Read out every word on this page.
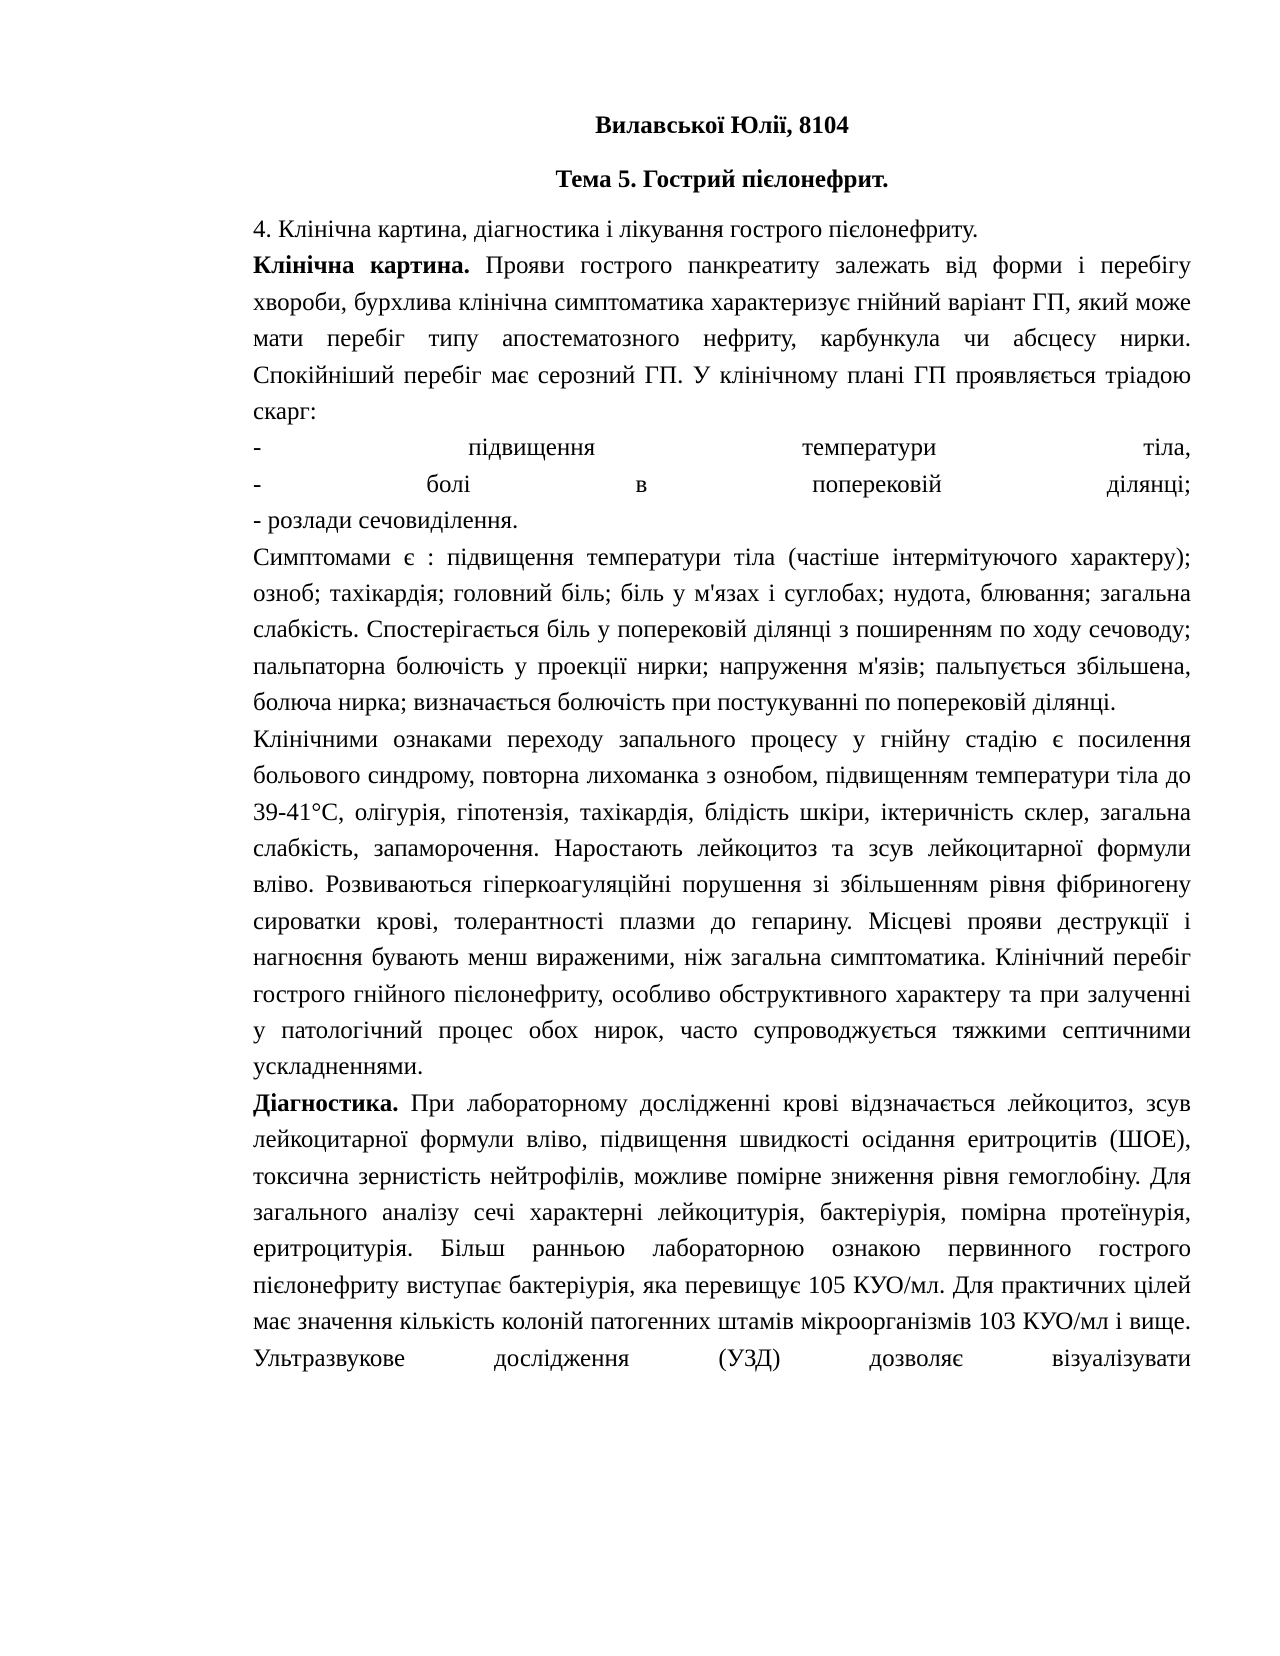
Вилавської Юлії, 8104
Тема 5. Гострий пієлонефрит.

4. Клінічна картина, діагностика і лікування гострого пієлонефриту.

Клінічна картина. Прояви гострого панкреатиту залежать від форми і перебігу хвороби, бурхлива клінічна симптоматика характеризує гнійний варіант ГП, який може мати перебіг типу апостематозного нефриту, карбункула чи абсцесу нирки. Спокійніший перебіг має серозний ГП. У клінічному плані ГП проявляється тріадою скарг:

- підвищення температури тіла,

- болі в поперековій ділянці;

- розлади сечовиділення.

Симптомами є : підвищення температури тіла (частіше інтермітуючого характеру); озноб; тахікардія; головний біль; біль у м'язах і суглобах; нудота, блювання; загальна слабкість. Спостерігається біль у поперековій ділянці з поширенням по ходу сечоводу; пальпаторна болючість у проекції нирки; напруження м'язів; пальпується збільшена, болюча нирка; визначається болючість при постукуванні по поперековій ділянці.

Клінічними ознаками переходу запального процесу у гнійну стадію є посилення больового синдрому, повторна лихоманка з ознобом, підвищенням температури тіла до 39-41°С, олігурія, гіпотензія, тахікардія, блідість шкіри, іктеричність склер, загальна слабкість, запаморочення. Наростають лейкоцитоз та зсув лейкоцитарної формули вліво. Розвиваються гіперкоагуляційні порушення зі збільшенням рівня фібриногену сироватки крові, толерантності плазми до гепарину. Місцеві прояви деструкції і нагноєння бувають менш вираженими, ніж загальна симптоматика. Клінічний перебіг гострого гнійного пієлонефриту, особливо обструктивного характеру та при залученні у патологічний процес обох нирок, часто супроводжується тяжкими септичними ускладненнями.

Діагностика. При лабораторному дослідженні крові відзначається лейкоцитоз, зсув лейкоцитарної формули вліво, підвищення швидкості осідання еритроцитів (ШОЕ), токсична зернистість нейтрофілів, можливе помірне зниження рівня гемоглобіну. Для загального аналізу сечі характерні лейкоцитурія, бактеріурія, помірна протеїнурія, еритроцитурія. Більш ранньою лабораторною ознакою первинного гострого пієлонефриту виступає бактеріурія, яка перевищує 105 КУО/мл. Для практичних цілей має значення кількість колоній патогенних штамів мікроорганізмів 103 КУО/мл і вище. Ультразвукове дослідження (УЗД) дозволяє візуалізувати
